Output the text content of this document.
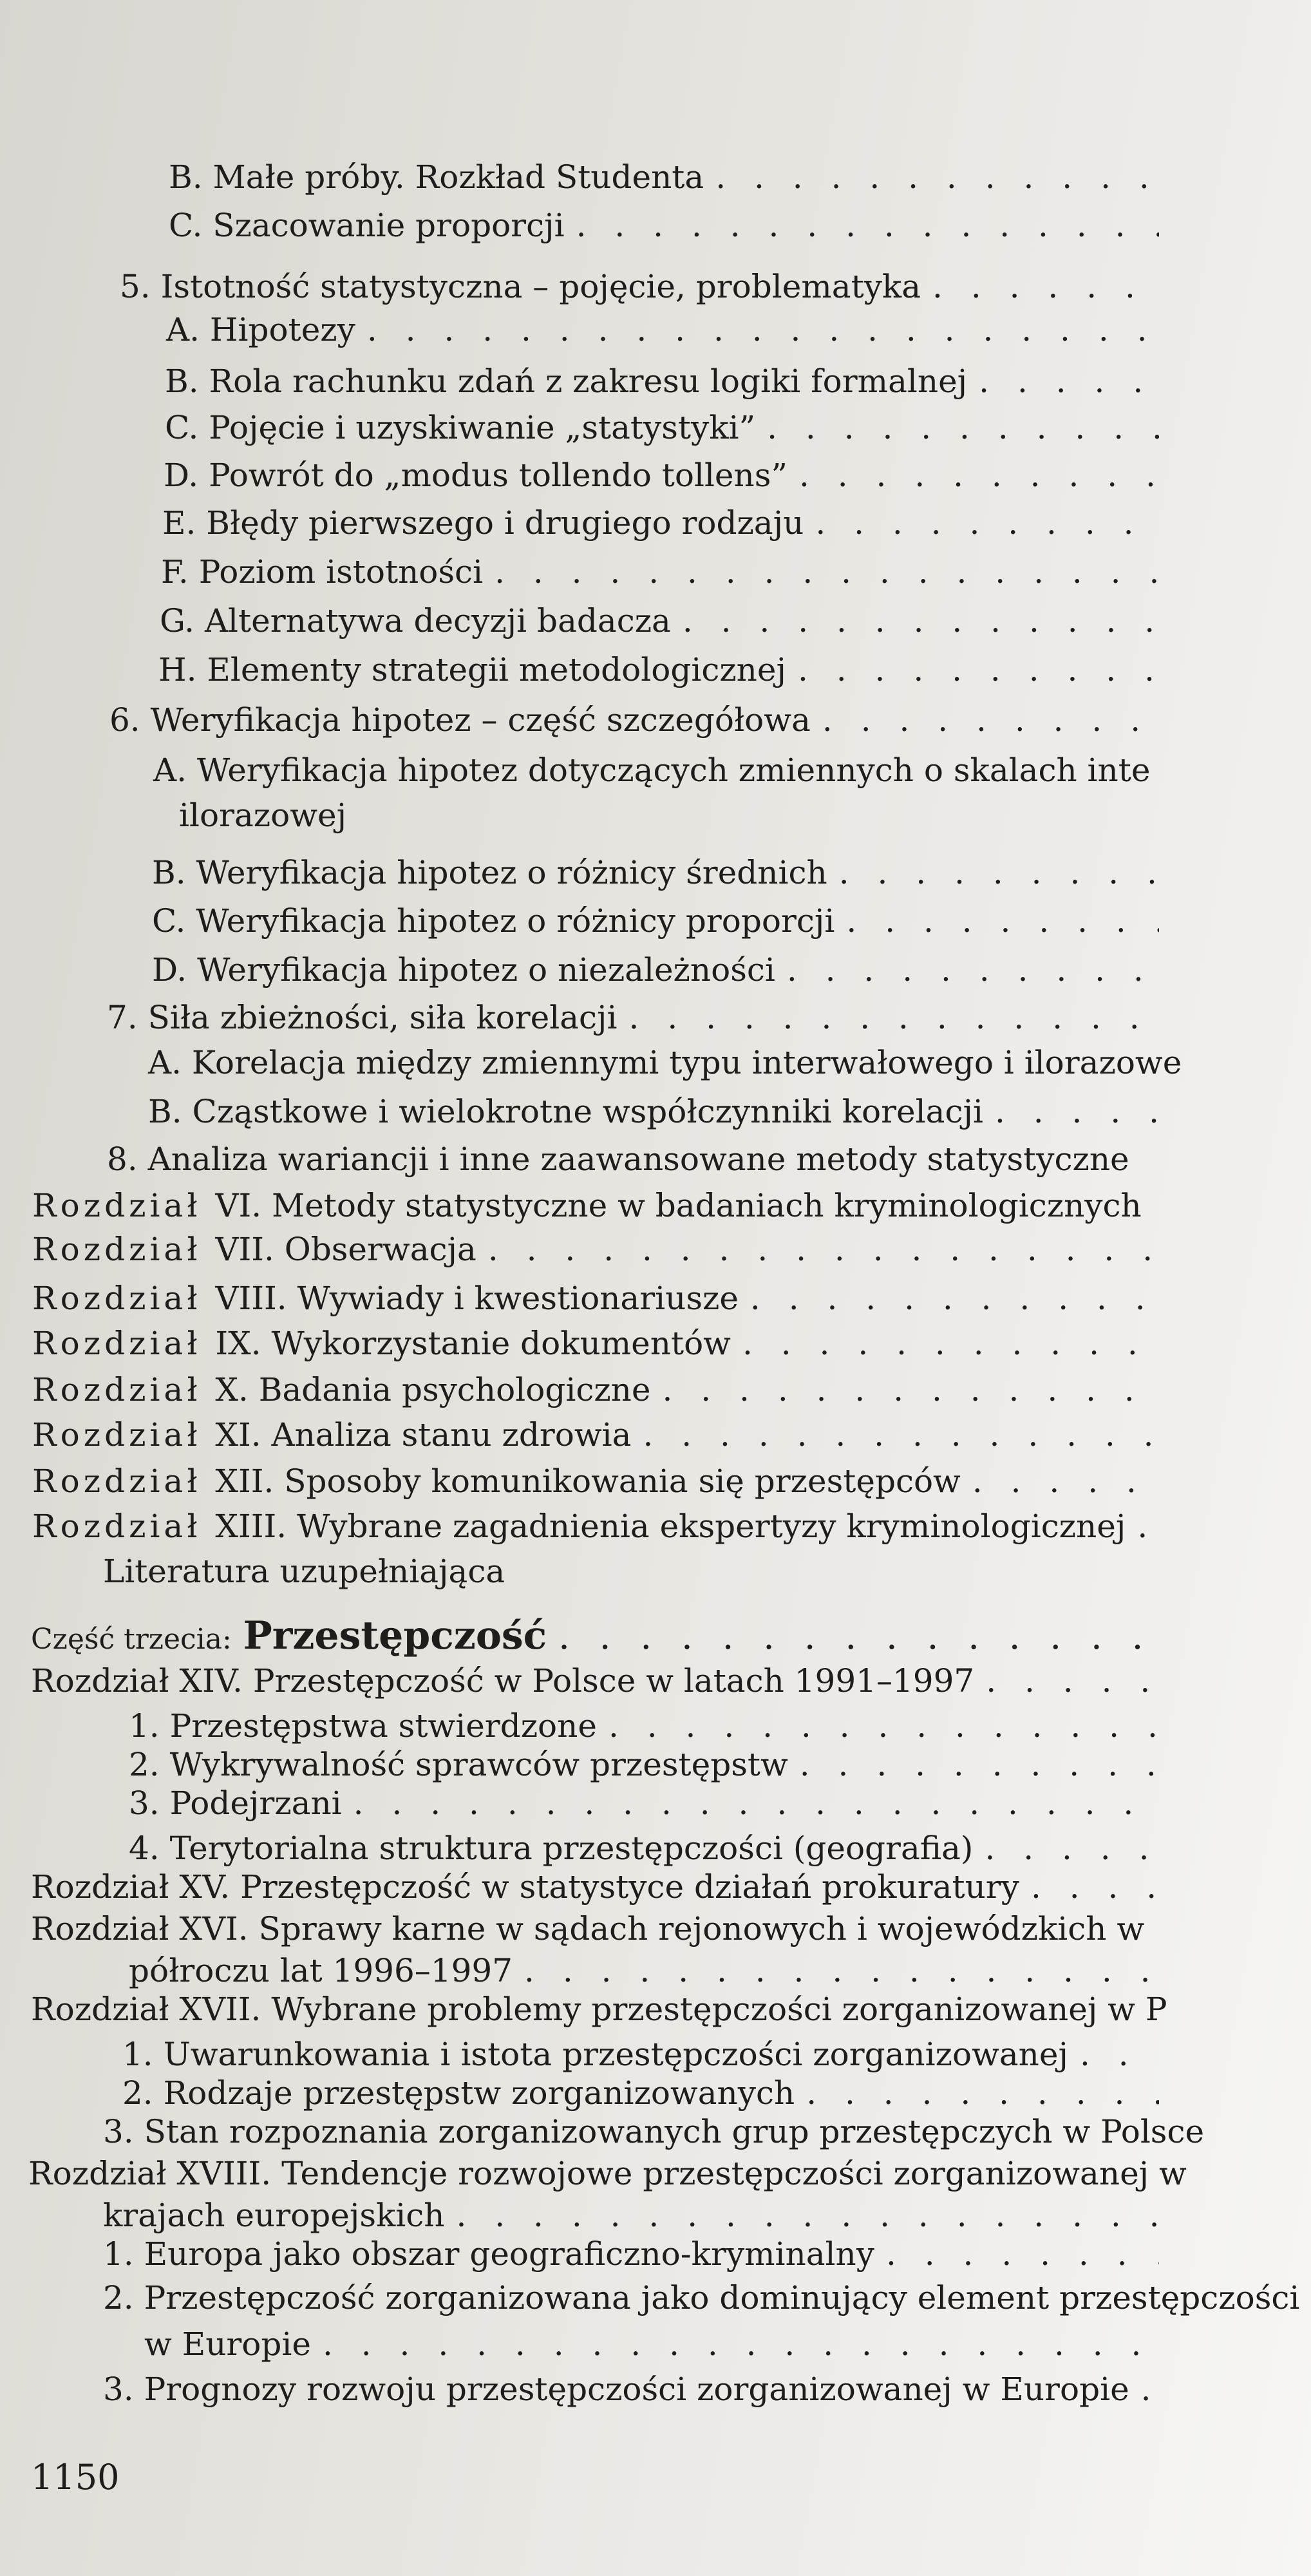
B. Małe próby. Rozkład Studenta
. . .
C. Szacowanie proporcji
. . .
5. Istotność statystyczna – pojęcie, problematyka
. . .
A. Hipotezy
. . .
B. Rola rachunku zdań z zakresu logiki formalnej
. . .
C. Pojęcie i uzyskiwanie „statystyki”
. . .
D. Powrót do „modus tollendo tollens”
. . .
E. Błędy pierwszego i drugiego rodzaju
. . .
F. Poziom istotności
. . .
G. Alternatywa decyzji badacza
. . .
H. Elementy strategii metodologicznej
. . .
6. Weryfikacja hipotez – część szczegółowa
. . .
A. Weryfikacja hipotez dotyczących zmiennych o skalach inte
ilorazowej
B. Weryfikacja hipotez o różnicy średnich
. . .
C. Weryfikacja hipotez o różnicy proporcji
. . .
D. Weryfikacja hipotez o niezależności
. . .
7. Siła zbieżności, siła korelacji
. . .
A. Korelacja między zmiennymi typu interwałowego i ilorazowe
B. Cząstkowe i wielokrotne współczynniki korelacji
. . .
8. Analiza wariancji i inne zaawansowane metody statystyczne
Rozdział VI. Metody statystyczne w badaniach kryminologicznych
Rozdział VII. Obserwacja
. . .
Rozdział VIII. Wywiady i kwestionariusze
. . .
Rozdział IX. Wykorzystanie dokumentów
. . .
Rozdział X. Badania psychologiczne
. . .
Rozdział XI. Analiza stanu zdrowia
. . .
Rozdział XII. Sposoby komunikowania się przestępców
. . .
Rozdział XIII. Wybrane zagadnienia ekspertyzy kryminologicznej
. . .
Literatura uzupełniająca
Rozdział XIV. Przestępczość w Polsce w latach 1991–1997
. . .
1. Przestępstwa stwierdzone
. . .
2. Wykrywalność sprawców przestępstw
. . .
3. Podejrzani
. . .
4. Terytorialna struktura przestępczości (geografia)
. . .
Rozdział XV. Przestępczość w statystyce działań prokuratury
. . .
Rozdział XVI. Sprawy karne w sądach rejonowych i wojewódzkich w
półroczu lat 1996–1997
. . .
Rozdział XVII. Wybrane problemy przestępczości zorganizowanej w P
1. Uwarunkowania i istota przestępczości zorganizowanej
. . .
2. Rodzaje przestępstw zorganizowanych
. . .
3. Stan rozpoznania zorganizowanych grup przestępczych w Polsce
. . .
Rozdział XVIII. Tendencje rozwojowe przestępczości zorganizowanej w
krajach europejskich
. . .
1. Europa jako obszar geograficzno-kryminalny
. . .
2. Przestępczość zorganizowana jako dominujący element przestępczości
. . .
w Europie
. . .
3. Prognozy rozwoju przestępczości zorganizowanej w Europie
. . .
Część trzecia: Przestępczość
. . .
1150
